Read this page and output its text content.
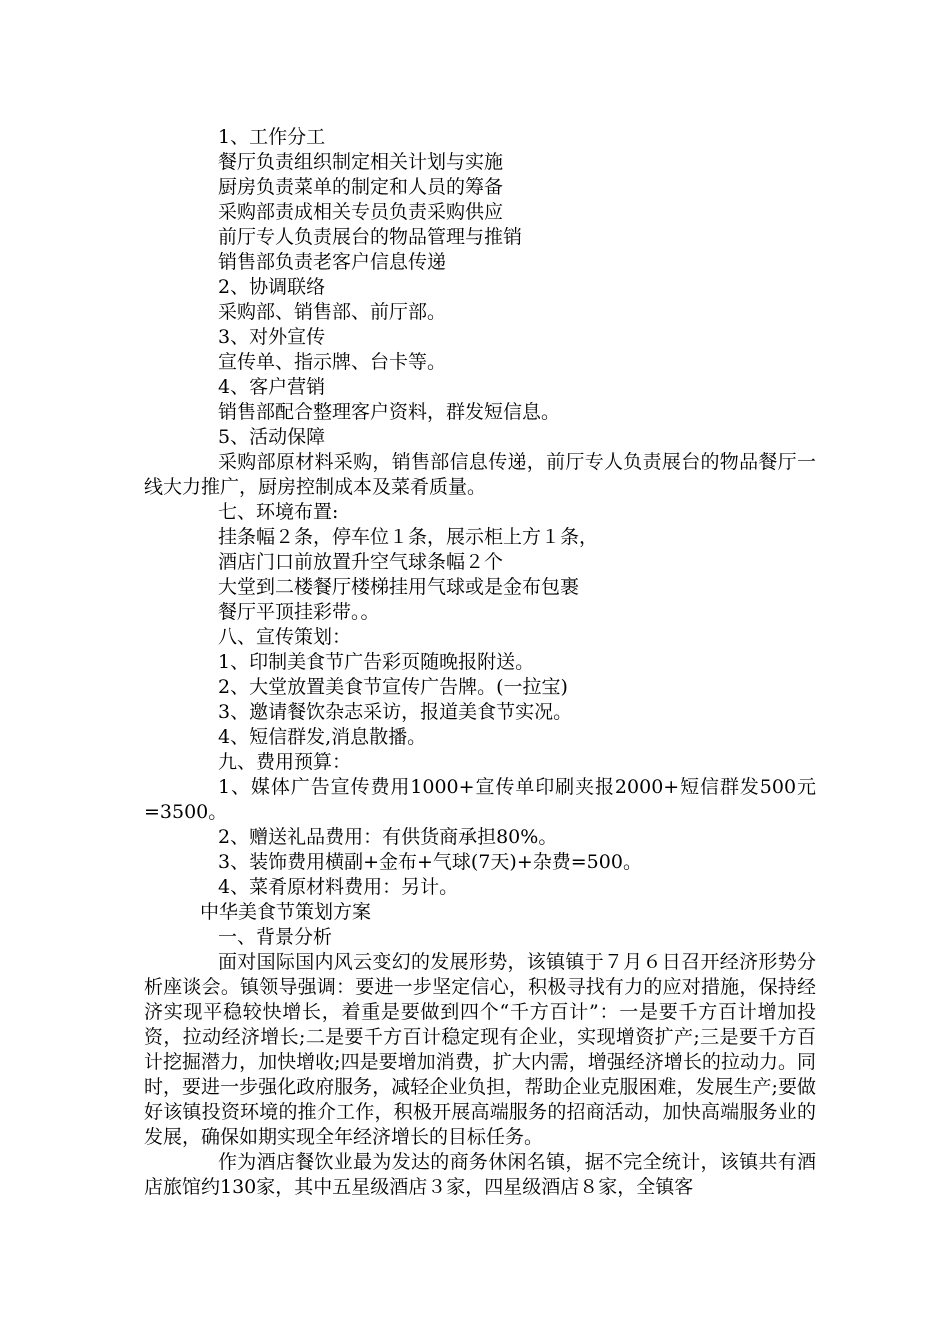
1、工作分工
餐厅负责组织制定相关计划与实施
厨房负责菜单的制定和人员的筹备
采购部责成相关专员负责采购供应
前厅专人负责展台的物品管理与推销
销售部负责老客户信息传递
2、协调联络
采购部、销售部、前厅部。
3、对外宣传
宣传单、指示牌、台卡等。
4、客户营销
销售部配合整理客户资料，群发短信息。
5、活动保障
采购部原材料采购，销售部信息传递，前厅专人负责展台的物品餐厅一线大力推广，厨房控制成本及菜肴质量。
七、环境布置:
挂条幅２条，停车位１条，展示柜上方１条，
酒店门口前放置升空气球条幅２个
大堂到二楼餐厅楼梯挂用气球或是金布包裹
餐厅平顶挂彩带。。
八、宣传策划：
1、印制美食节广告彩页随晚报附送。
2、大堂放置美食节宣传广告牌。(一拉宝)
3、邀请餐饮杂志采访，报道美食节实况。
4、短信群发,消息散播。
九、费用预算：
1、媒体广告宣传费用1000+宣传单印刷夹报2000+短信群发500元=3500。
2、赠送礼品费用：有供货商承担80%。
3、装饰费用横副+金布+气球(7天)+杂费=500。
4、菜肴原材料费用：另计。
中华美食节策划方案
一、背景分析
面对国际国内风云变幻的发展形势，该镇镇于７月６日召开经济形势分析座谈会。镇领导强调：要进一步坚定信心，积极寻找有力的应对措施，保持经济实现平稳较快增长，着重是要做到四个“千方百计”：一是要千方百计增加投资，拉动经济增长;二是要千方百计稳定现有企业，实现增资扩产;三是要千方百计挖掘潜力，加快增收;四是要增加消费，扩大内需，增强经济增长的拉动力。同时，要进一步强化政府服务，减轻企业负担，帮助企业克服困难，发展生产;要做好该镇投资环境的推介工作，积极开展高端服务的招商活动，加快高端服务业的发展，确保如期实现全年经济增长的目标任务。
作为酒店餐饮业最为发达的商务休闲名镇，据不完全统计，该镇共有酒店旅馆约130家，其中五星级酒店３家，四星级酒店８家，全镇客
